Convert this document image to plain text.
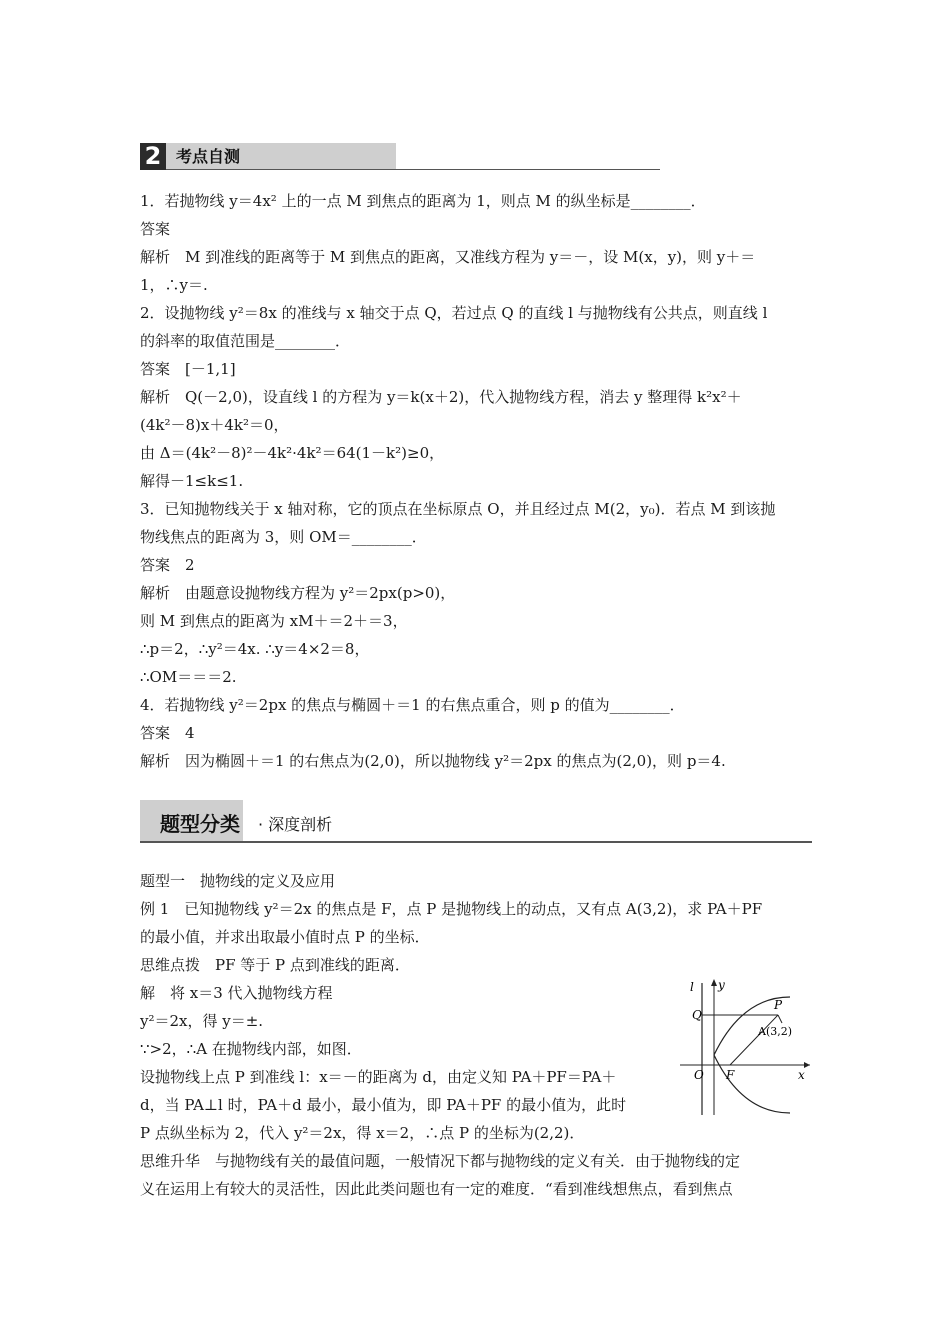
2 考点自测
1．若抛物线 y＝4x² 上的一点 M 到焦点的距离为 1，则点 M 的纵坐标是________．
答案
解析　M 到准线的距离等于 M 到焦点的距离，又准线方程为 y＝－，设 M(x，y)，则 y＋＝
1，∴y＝.
2．设抛物线 y²＝8x 的准线与 x 轴交于点 Q，若过点 Q 的直线 l 与抛物线有公共点，则直线 l
的斜率的取值范围是________．
答案　[－1,1]
解析　Q(－2,0)，设直线 l 的方程为 y＝k(x＋2)，代入抛物线方程，消去 y 整理得 k²x²＋
(4k²－8)x＋4k²＝0，
由 Δ＝(4k²－8)²－4k²·4k²＝64(1－k²)≥0，
解得－1≤k≤1.
3．已知抛物线关于 x 轴对称，它的顶点在坐标原点 O，并且经过点 M(2，y₀)．若点 M 到该抛
物线焦点的距离为 3，则 OM＝________．
答案　2
解析　由题意设抛物线方程为 y²＝2px(p>0)，
则 M 到焦点的距离为 xM＋＝2＋＝3，
∴p＝2，∴y²＝4x. ∴y＝4×2＝8，
∴OM＝＝＝2.
4．若抛物线 y²＝2px 的焦点与椭圆＋＝1 的右焦点重合，则 p 的值为________．
答案　4
解析　因为椭圆＋＝1 的右焦点为(2,0)，所以抛物线 y²＝2px 的焦点为(2,0)，则 p＝4.
题型分类 · 深度剖析
题型一　抛物线的定义及应用
例 1　已知抛物线 y²＝2x 的焦点是 F，点 P 是抛物线上的动点，又有点 A(3,2)，求 PA＋PF
的最小值，并求出取最小值时点 P 的坐标．
思维点拨　PF 等于 P 点到准线的距离．
解　将 x＝3 代入抛物线方程
y²＝2x，得 y＝±.
∵>2，∴A 在抛物线内部，如图．
设抛物线上点 P 到准线 l：x＝－的距离为 d，由定义知 PA＋PF＝PA＋
d，当 PA⊥l 时，PA＋d 最小，最小值为，即 PA＋PF 的最小值为，此时
P 点纵坐标为 2，代入 y²＝2x，得 x＝2，∴点 P 的坐标为(2,2)．
思维升华　与抛物线有关的最值问题，一般情况下都与抛物线的定义有关．由于抛物线的定
义在运用上有较大的灵活性，因此此类问题也有一定的难度．“看到准线想焦点，看到焦点
l y
P
Q
A(3,2)
O F	x
